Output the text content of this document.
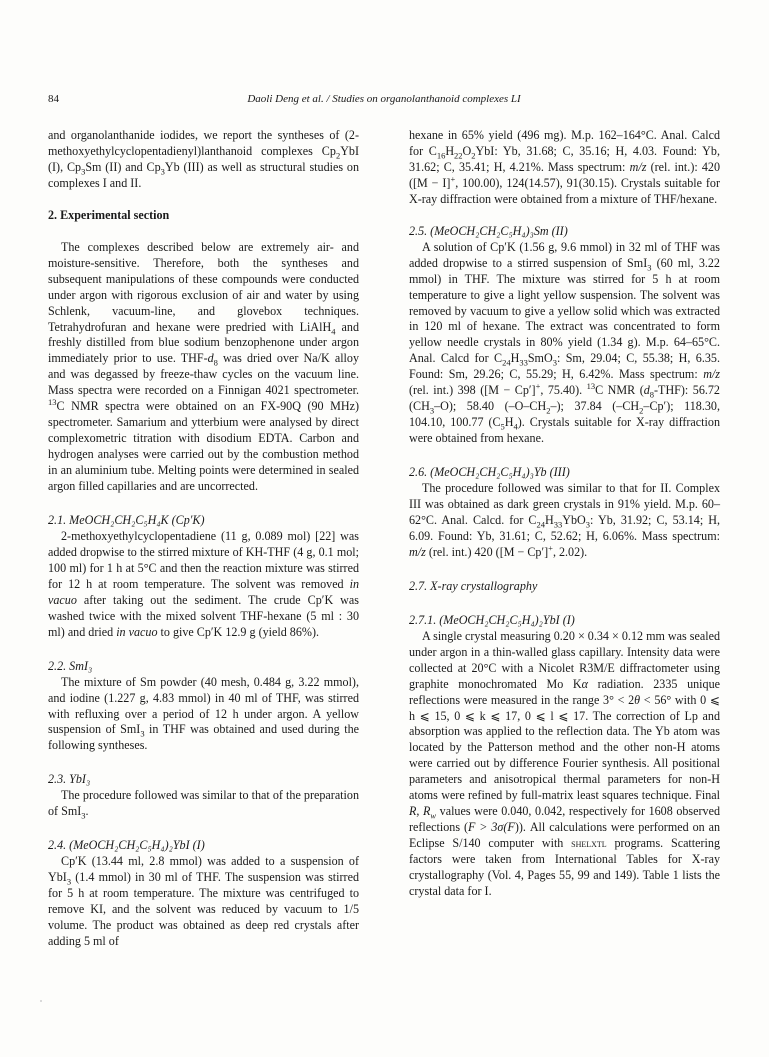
84	Daoli Deng et al. / Studies on organolanthanoid complexes LI

and organolanthanide iodides, we report the syntheses of (2-methoxyethylcyclopentadienyl)lanthanoid complexes $Cp_2YbI$ (I), $Cp_3Sm$ (II) and $Cp_3Yb$ (III) as well as structural studies on complexes I and II.

2. Experimental section

The complexes described below are extremely air- and moisture-sensitive. Therefore, both the syntheses and subsequent manipulations of these compounds were conducted under argon with rigorous exclusion of air and water by using Schlenk, vacuum-line, and glovebox techniques. Tetrahydrofuran and hexane were predried with LiAlH$_4$ and freshly distilled from blue sodium benzophenone under argon immediately prior to use. THF-$d_8$ was dried over Na/K alloy and was degassed by freeze-thaw cycles on the vacuum line. Mass spectra were recorded on a Finnigan 4021 spectrometer. $^{13}$C NMR spectra were obtained on an FX-90Q (90 MHz) spectrometer. Samarium and ytterbium were analysed by direct complexometric titration with disodium EDTA. Carbon and hydrogen analyses were carried out by the combustion method in an aluminium tube. Melting points were determined in sealed argon filled capillaries and are uncorrected.

2.1. MeOCH₂CH₂C₅H₄K (Cp′K)

2-methoxyethylcyclopentadiene (11 g, 0.089 mol) [22] was added dropwise to the stirred mixture of KH-THF (4 g, 0.1 mol; 100 ml) for 1 h at 5°C and then the reaction mixture was stirred for 12 h at room temperature. The solvent was removed in vacuo after taking out the sediment. The crude Cp′K was washed twice with the mixed solvent THF-hexane (5 ml : 30 ml) and dried in vacuo to give Cp′K 12.9 g (yield 86%).

2.2. SmI₃

The mixture of Sm powder (40 mesh, 0.484 g, 3.22 mmol), and iodine (1.227 g, 4.83 mmol) in 40 ml of THF, was stirred with refluxing over a period of 12 h under argon. A yellow suspension of SmI$_3$ in THF was obtained and used during the following syntheses.

2.3. YbI₃

The procedure followed was similar to that of the preparation of SmI$_3$.

2.4. (MeOCH₂CH₂C₅H₄)₂YbI (I)

Cp′K (13.44 ml, 2.8 mmol) was added to a suspension of YbI$_3$ (1.4 mmol) in 30 ml of THF. The suspension was stirred for 5 h at room temperature. The mixture was centrifuged to remove KI, and the solvent was reduced by vacuum to 1/5 volume. The product was obtained as deep red crystals after adding 5 ml of

hexane in 65% yield (496 mg). M.p. 162–164°C. Anal. Calcd for $C_{16}H_{22}O_2YbI$: Yb, 31.68; C, 35.16; H, 4.03. Found: Yb, 31.62; C, 35.41; H, 4.21%. Mass spectrum: m/z (rel. int.): 420 ([M − I]+, 100.00), 124(14.57), 91(30.15). Crystals suitable for X-ray diffraction were obtained from a mixture of THF/hexane.

2.5. (MeOCH₂CH₂C₅H₄)₃Sm (II)

A solution of Cp′K (1.56 g, 9.6 mmol) in 32 ml of THF was added dropwise to a stirred suspension of SmI$_3$ (60 ml, 3.22 mmol) in THF. The mixture was stirred for 5 h at room temperature to give a light yellow suspension. The solvent was removed by vacuum to give a yellow solid which was extracted in 120 ml of hexane. The extract was concentrated to form yellow needle crystals in 80% yield (1.34 g). M.p. 64–65°C. Anal. Calcd for $C_{24}H_{33}SmO_3$: Sm, 29.04; C, 55.38; H, 6.35. Found: Sm, 29.26; C, 55.29; H, 6.42%. Mass spectrum: m/z (rel. int.) 398 ([M − Cp′]+, 75.40). $^{13}$C NMR $(d_8-THF)$: 56.72 $(CH_3-O)$; 58.40 $(-O-CH_2-)$; 37.84 $(-CH_2-Cp')$; 118.30, 104.10, 100.77 $(C_5H_4)$. Crystals suitable for X-ray diffraction were obtained from hexane.

2.6. (MeOCH₂CH₂C₅H₄)₃Yb (III)

The procedure followed was similar to that for II. Complex III was obtained as dark green crystals in 91% yield. M.p. 60–62°C. Anal. Calcd. for $C_{24}H_{33}YbO_3$: Yb, 31.92; C, 53.14; H, 6.09. Found: Yb, 31.61; C, 52.62; H, 6.06%. Mass spectrum: m/z (rel. int.) 420 ([M − Cp′]+, 2.02).

2.7. X-ray crystallography

2.7.1. (MeOCH₂CH₂C₅H₄)₂YbI (I)

A single crystal measuring 0.20 × 0.34 × 0.12 mm was sealed under argon in a thin-walled glass capillary. Intensity data were collected at 20°C with a Nicolet R3M/E diffractometer using graphite monochromated Mo Kα radiation. 2335 unique reflections were measured in the range 3° < 2θ < 56° with 0 ⩽ h ⩽ 15, 0 ⩽ k ⩽ 17, 0 ⩽ l ⩽ 17. The correction of Lp and absorption was applied to the reflection data. The Yb atom was located by the Patterson method and the other non-H atoms were carried out by difference Fourier synthesis. All positional parameters and anisotropical thermal parameters for non-H atoms were refined by full-matrix least squares technique. Final R, $R_w$ values were 0.040, 0.042, respectively for 1608 observed reflections (F > 3σ(F)). All calculations were performed on an Eclipse S/140 computer with shelxtl programs. Scattering factors were taken from International Tables for X-ray crystallography (Vol. 4, Pages 55, 99 and 149). Table 1 lists the crystal data for I.
